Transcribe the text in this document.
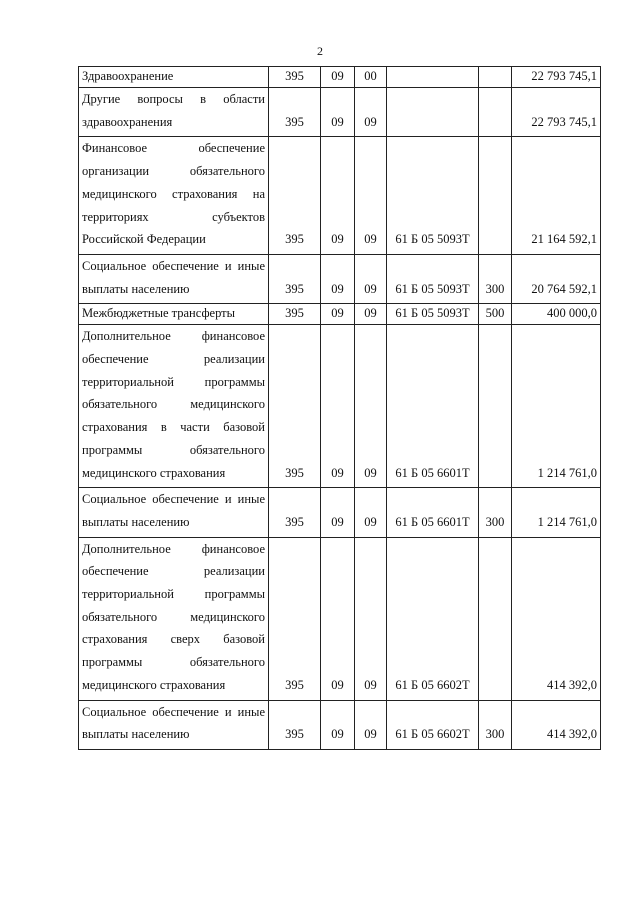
2
Здравоохранение	395	09	00			22 793 745,1
Другие вопросы в области здравоохранения	395	09	09			22 793 745,1
Финансовое обеспечение организации обязательного медицинского страхования на территориях субъектов Российской Федерации	395	09	09	61 Б 05 5093Т		21 164 592,1
Социальное обеспечение и иные выплаты населению	395	09	09	61 Б 05 5093Т	300	20 764 592,1
Межбюджетные трансферты	395	09	09	61 Б 05 5093Т	500	400 000,0
Дополнительное финансовое обеспечение реализации территориальной программы обязательного медицинского страхования в части базовой программы обязательного медицинского страхования	395	09	09	61 Б 05 6601Т		1 214 761,0
Социальное обеспечение и иные выплаты населению	395	09	09	61 Б 05 6601Т	300	1 214 761,0
Дополнительное финансовое обеспечение реализации территориальной программы обязательного медицинского страхования сверх базовой программы обязательного медицинского страхования	395	09	09	61 Б 05 6602Т		414 392,0
Социальное обеспечение и иные выплаты населению	395	09	09	61 Б 05 6602Т	300	414 392,0
